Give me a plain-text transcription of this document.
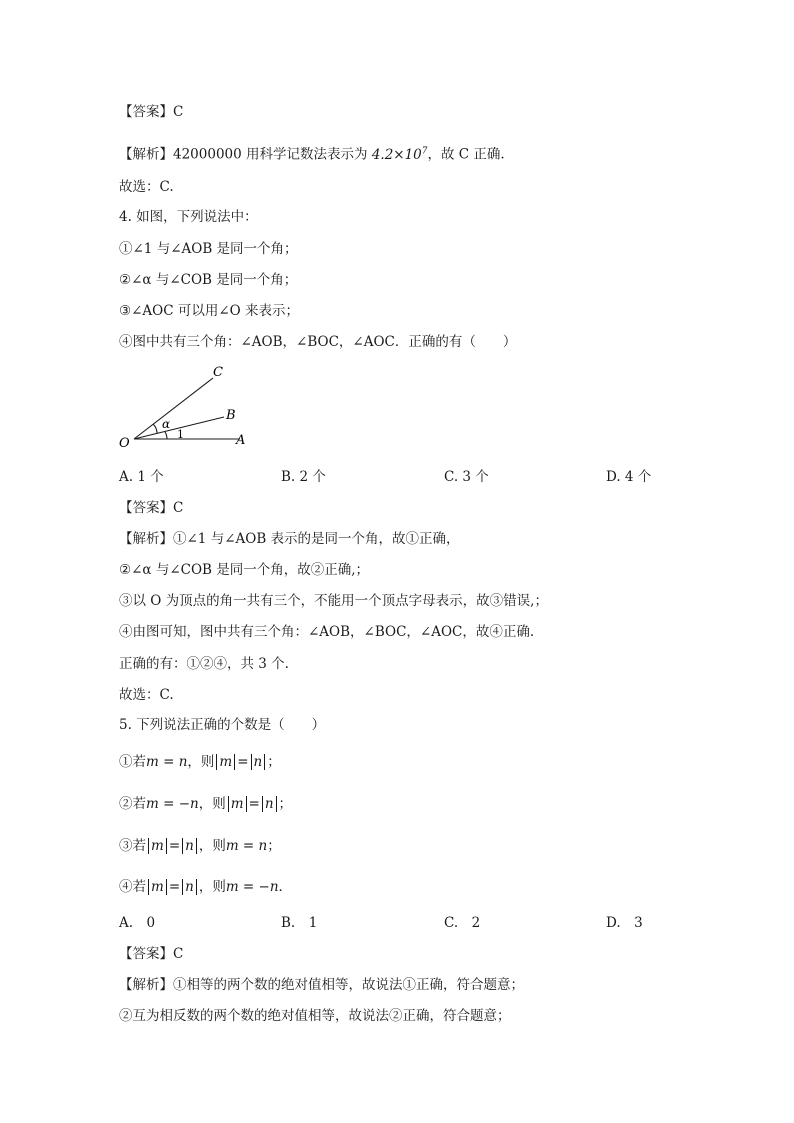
【答案】C
【解析】42000000 用科学记数法表示为 $4.2\times 10^7$，故 C 正确.
故选：C.
4. 如图，下列说法中：
①∠1 与∠AOB 是同一个角；
②∠α 与∠COB 是同一个角；
③∠AOC 可以用∠O 来表示；
④图中共有三个角：∠AOB，∠BOC，∠AOC．正确的有（　　）
C
B
O	A
α
1
A. 1 个	B. 2 个	C. 3 个	D. 4 个
【答案】C
【解析】①∠1 与∠AOB 表示的是同一个角，故①正确，
②∠α 与∠COB 是同一个角，故②正确,；
③以 O 为顶点的角一共有三个，不能用一个顶点字母表示，故③错误,；
④由图可知，图中共有三个角：∠AOB，∠BOC，∠AOC，故④正确.
正确的有：①②④，共 3 个.
故选：C.
5. 下列说法正确的个数是（　　）
①若m = n，则 m = n ；
②若m = −n，则 m = n ；
③若 m = n ，则m = n；
④若 m = n ，则m = −n．
A.　0	B.　1	C.　2	D.　3
【答案】C
【解析】①相等的两个数的绝对值相等，故说法①正确，符合题意；
②互为相反数的两个数的绝对值相等，故说法②正确，符合题意；
